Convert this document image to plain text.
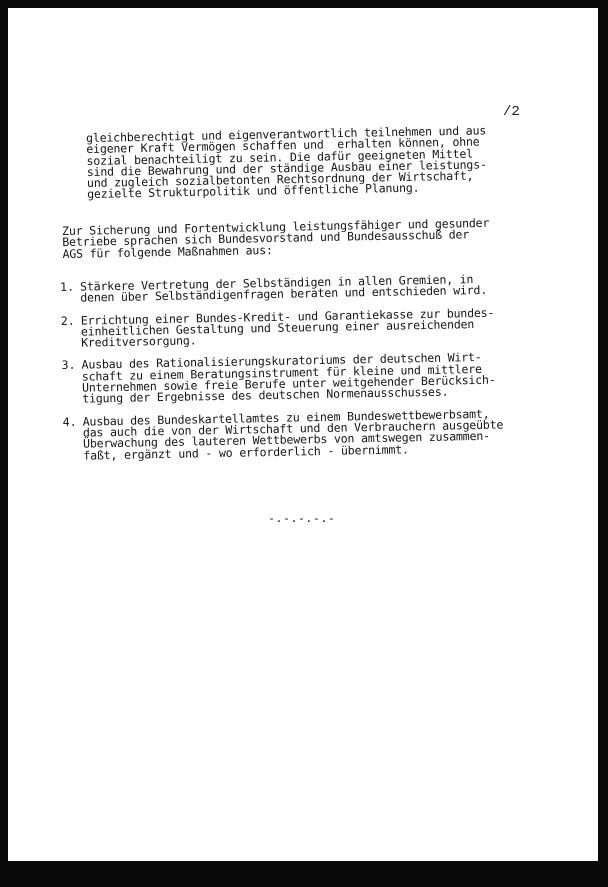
/2
gleichberechtigt und eigenverantwortlich teilnehmen und aus
eigener Kraft Vermögen schaffen und  erhalten können, ohne
sozial benachteiligt zu sein. Die dafür geeigneten Mittel
sind die Bewahrung und der ständige Ausbau einer leistungs-
und zugleich sozialbetonten Rechtsordnung der Wirtschaft,
gezielte Strukturpolitik und öffentliche Planung.
Zur Sicherung und Fortentwicklung leistungsfähiger und gesunder
Betriebe sprachen sich Bundesvorstand und Bundesausschuß der
AGS für folgende Maßnahmen aus:
1. Stärkere Vertretung der Selbständigen in allen Gremien, in
denen über Selbständigenfragen beraten und entschieden wird.
2. Errichtung einer Bundes-Kredit- und Garantiekasse zur bundes-
einheitlichen Gestaltung und Steuerung einer ausreichenden
Kreditversorgung.
3. Ausbau des Rationalisierungskuratoriums der deutschen Wirt-
schaft zu einem Beratungsinstrument für kleine und mittlere
Unternehmen sowie freie Berufe unter weitgehender Berücksich-
tigung der Ergebnisse des deutschen Normenausschusses.
4. Ausbau des Bundeskartellamtes zu einem Bundeswettbewerbsamt,
das auch die von der Wirtschaft und den Verbrauchern ausgeübte
Überwachung des lauteren Wettbewerbs von amtswegen zusammen-
faßt, ergänzt und - wo erforderlich - übernimmt.
-.-.-.-.-
